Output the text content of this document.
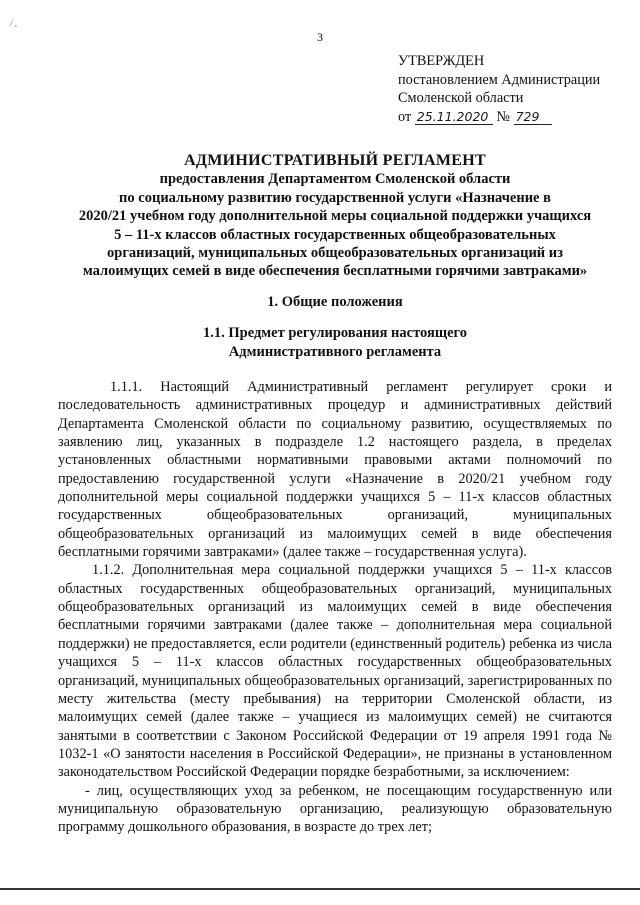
/ ,
3
УТВЕРЖДЕН
постановлением Администрации
Смоленской области
от 25.11.2020 № 729
АДМИНИСТРАТИВНЫЙ РЕГЛАМЕНТ
предоставления Департаментом Смоленской области
по социальному развитию государственной услуги «Назначение в
2020/21 учебном году дополнительной меры социальной поддержки учащихся
5 – 11-х классов областных государственных общеобразовательных
организаций, муниципальных общеобразовательных организаций из
малоимущих семей в виде обеспечения бесплатными горячими завтраками»
1. Общие положения
1.1. Предмет регулирования настоящего
Административного регламента

1.1.1. Настоящий Административный регламент регулирует сроки и последовательность административных процедур и административных действий Департамента Смоленской области по социальному развитию, осуществляемых по заявлению лиц, указанных в подразделе 1.2 настоящего раздела, в пределах установленных областными нормативными правовыми актами полномочий по предоставлению государственной услуги «Назначение в 2020/21 учебном году дополнительной меры социальной поддержки учащихся 5 – 11-х классов областных государственных общеобразовательных организаций, муниципальных общеобразовательных организаций из малоимущих семей в виде обеспечения бесплатными горячими завтраками» (далее также – государственная услуга).

1.1.2. Дополнительная мера социальной поддержки учащихся 5 – 11-х классов областных государственных общеобразовательных организаций, муниципальных общеобразовательных организаций из малоимущих семей в виде обеспечения бесплатными горячими завтраками (далее также – дополнительная мера социальной поддержки) не предоставляется, если родители (единственный родитель) ребенка из числа учащихся 5 – 11-х классов областных государственных общеобразовательных организаций, муниципальных общеобразовательных организаций, зарегистрированных по месту жительства (месту пребывания) на территории Смоленской области, из малоимущих семей (далее также – учащиеся из малоимущих семей) не считаются занятыми в соответствии с Законом Российской Федерации от 19 апреля 1991 года № 1032-1 «О занятости населения в Российской Федерации», не признаны в установленном законодательством Российской Федерации порядке безработными, за исключением:

- лиц, осуществляющих уход за ребенком, не посещающим государственную или муниципальную образовательную организацию, реализующую образовательную программу дошкольного образования, в возрасте до трех лет;
